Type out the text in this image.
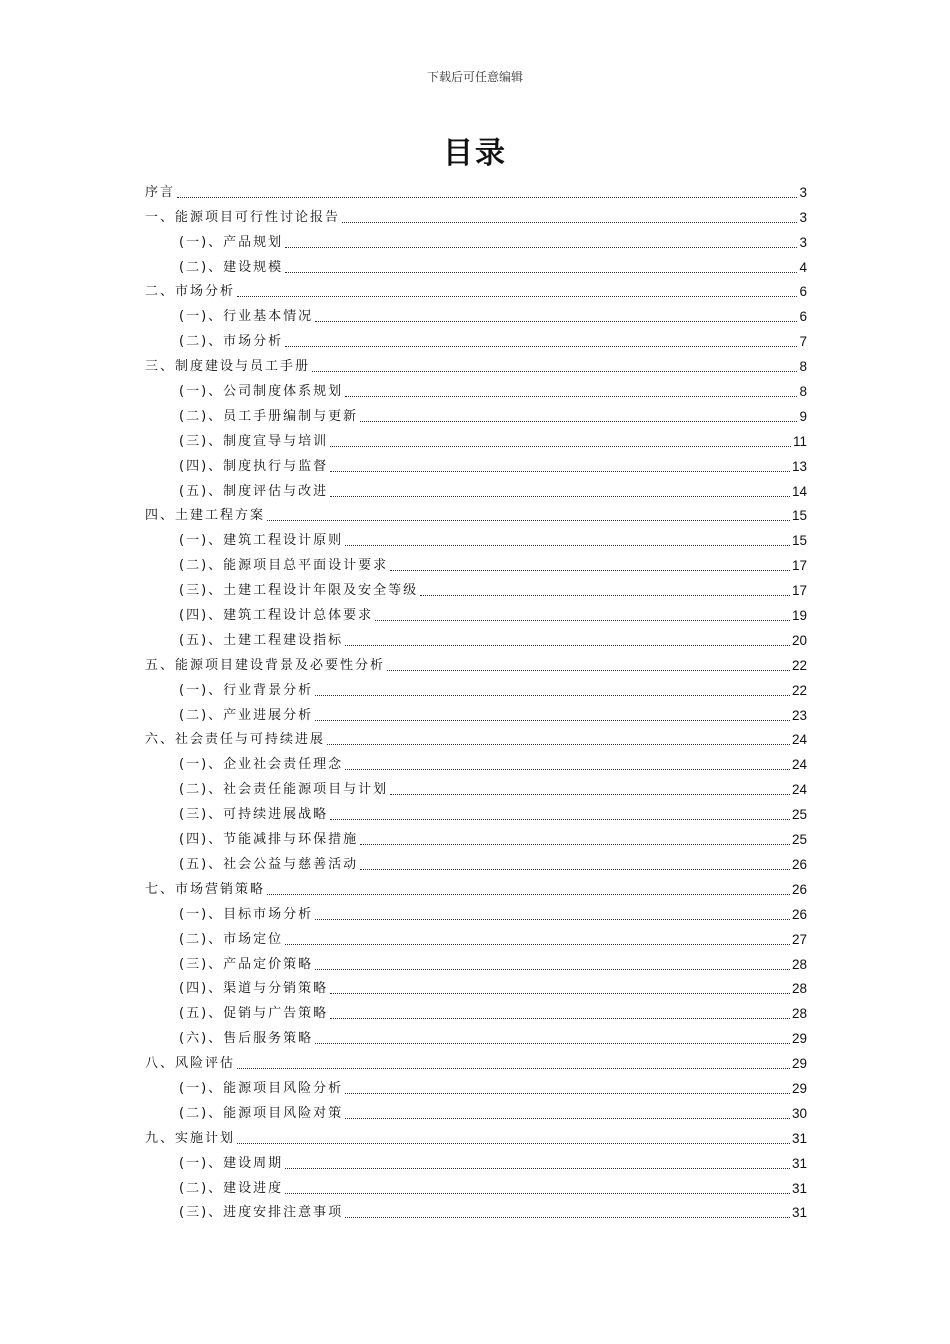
下载后可任意编辑
目录
序言	3
一、能源项目可行性讨论报告	3
(一)、产品规划	3
(二)、建设规模	4
二、市场分析	6
(一)、行业基本情况	6
(二)、市场分析	7
三、制度建设与员工手册	8
(一)、公司制度体系规划	8
(二)、员工手册编制与更新	9
(三)、制度宣导与培训	11
(四)、制度执行与监督	13
(五)、制度评估与改进	14
四、土建工程方案	15
(一)、建筑工程设计原则	15
(二)、能源项目总平面设计要求	17
(三)、土建工程设计年限及安全等级	17
(四)、建筑工程设计总体要求	19
(五)、土建工程建设指标	20
五、能源项目建设背景及必要性分析	22
(一)、行业背景分析	22
(二)、产业进展分析	23
六、社会责任与可持续进展	24
(一)、企业社会责任理念	24
(二)、社会责任能源项目与计划	24
(三)、可持续进展战略	25
(四)、节能减排与环保措施	25
(五)、社会公益与慈善活动	26
七、市场营销策略	26
(一)、目标市场分析	26
(二)、市场定位	27
(三)、产品定价策略	28
(四)、渠道与分销策略	28
(五)、促销与广告策略	28
(六)、售后服务策略	29
八、风险评估	29
(一)、能源项目风险分析	29
(二)、能源项目风险对策	30
九、实施计划	31
(一)、建设周期	31
(二)、建设进度	31
(三)、进度安排注意事项	31
